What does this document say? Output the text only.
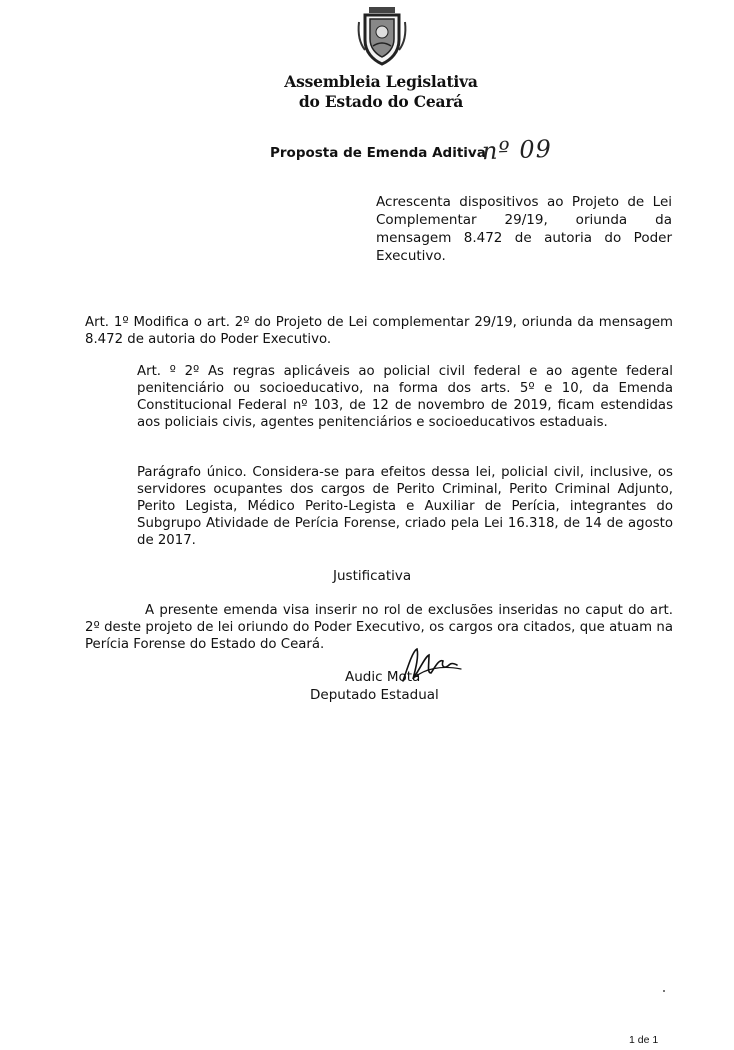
Assembleia Legislativa
do Estado do Ceará
Proposta de Emenda Aditiva
nº 09
Acrescenta dispositivos ao Projeto de Lei Complementar 29/19, oriunda da mensagem 8.472 de autoria do Poder Executivo.
Art. 1º Modifica o art. 2º do Projeto de Lei complementar 29/19, oriunda da mensagem 8.472 de autoria do Poder Executivo.
Art. º 2º As regras aplicáveis ao policial civil federal e ao agente federal penitenciário ou socioeducativo, na forma dos arts. 5º e 10, da Emenda Constitucional Federal nº 103, de 12 de novembro de 2019, ficam estendidas aos policiais civis, agentes penitenciários e socioeducativos estaduais.
Parágrafo único. Considera-se para efeitos dessa lei, policial civil, inclusive, os servidores ocupantes dos cargos de Perito Criminal, Perito Criminal Adjunto, Perito Legista, Médico Perito-Legista e Auxiliar de Perícia, integrantes do Subgrupo Atividade de Perícia Forense, criado pela Lei 16.318, de 14 de agosto de 2017.
Justificativa
A presente emenda visa inserir no rol de exclusões inseridas no caput do art. 2º deste projeto de lei oriundo do Poder Executivo, os cargos ora citados, que atuam na Perícia Forense do Estado do Ceará.
Audic Mota
Deputado Estadual
1 de 1
